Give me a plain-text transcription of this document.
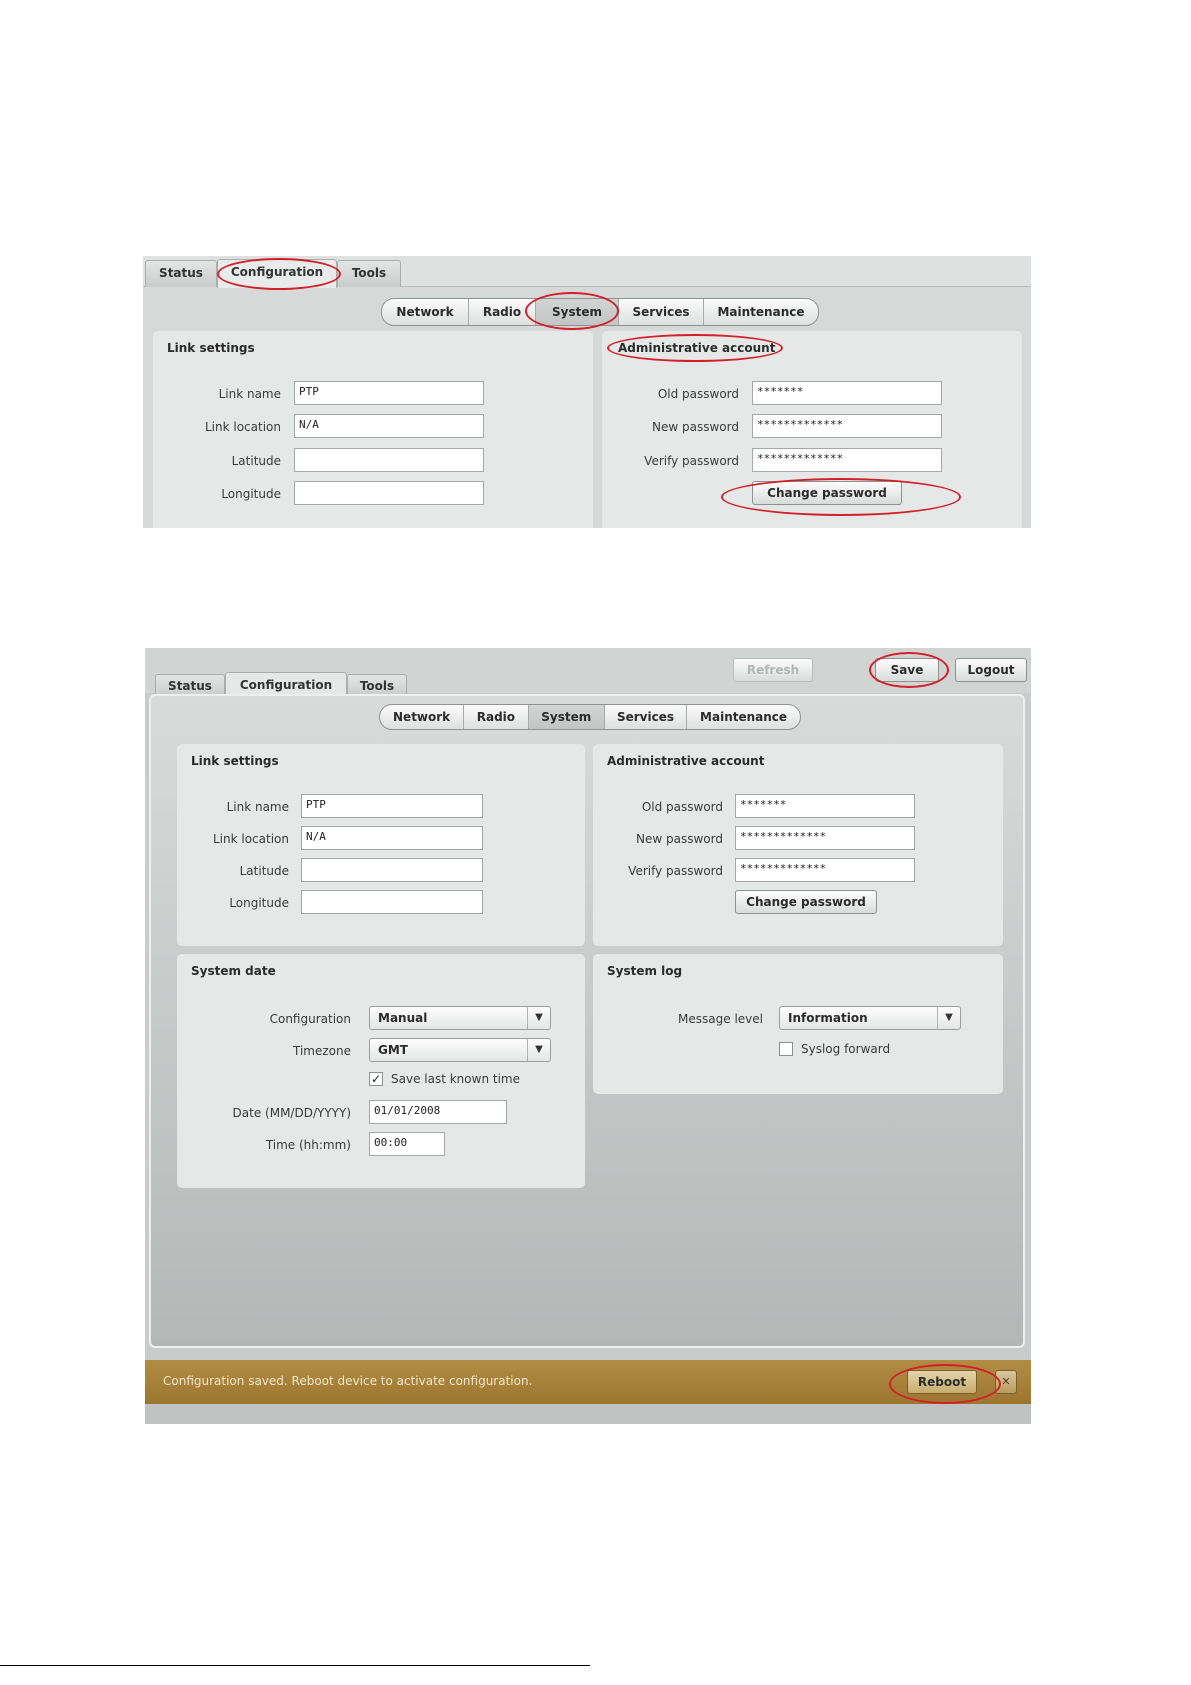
Status	Configuration	Tools
Network	Radio	System	Services	Maintenance
Link settings
Link name	PTP
Link location	N/A
Latitude
Longitude
Administrative account
Old password	*******
New password	*************
Verify password	*************
Change password
Status	Configuration	Tools
Refresh	Save	Logout
Network	Radio	System	Services	Maintenance
Link settings
Link name	PTP
Link location	N/A
Latitude
Longitude
Administrative account
Old password	*******
New password	*************
Verify password	*************
Change password
System date
Configuration	Manual	▼
Timezone	GMT	▼
✓ Save last known time
Date (MM/DD/YYYY)	01/01/2008
Time (hh:mm)	00:00
System log
Message level	Information	▼
Syslog forward
Configuration saved. Reboot device to activate configuration.	Reboot	✕
